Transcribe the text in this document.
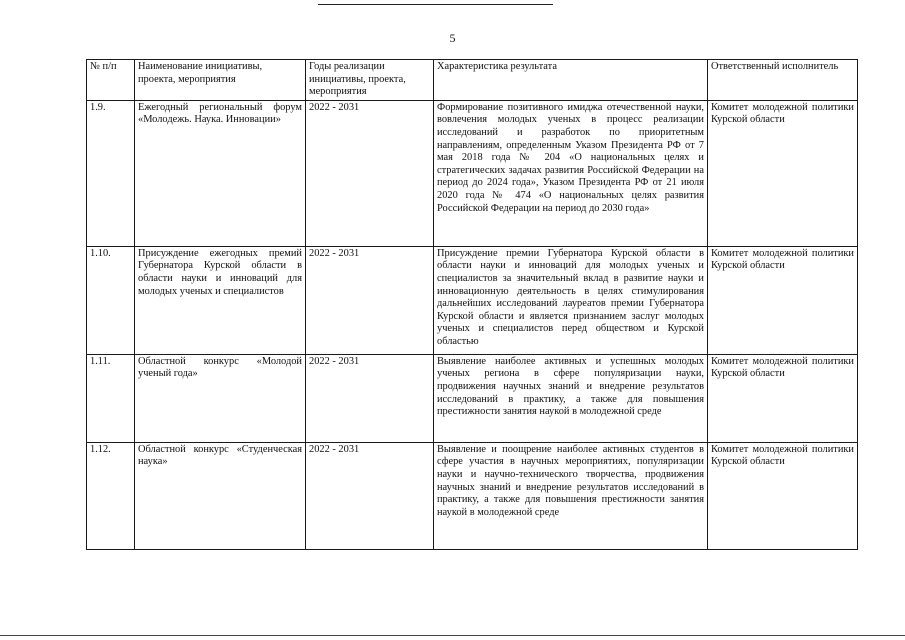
5
№ п/п	Наименование инициативы, проекта, мероприятия	Годы реализации инициативы, проекта, мероприятия	Характеристика результата	Ответственный исполнитель
1.9.	Ежегодный региональный форум «Молодежь. Наука. Инновации»	2022 - 2031	Формирование позитивного имиджа отечественной науки, вовлечения молодых ученых в процесс реализации исследований и разработок по приоритетным направлениям, определенным Указом Президента РФ от 7 мая 2018 года № 204 «О национальных целях и стратегических задачах развития Российской Федерации на период до 2024 года», Указом Президента РФ от 21 июля 2020 года № 474 «О национальных целях развития Российской Федерации на период до 2030 года»	Комитет молодежной политики Курской области
1.10.	Присуждение ежегодных премий Губернатора Курской области в области науки и инноваций для молодых ученых и специалистов	2022 - 2031	Присуждение премии Губернатора Курской области в области науки и инноваций для молодых ученых и специалистов за значительный вклад в развитие науки и инновационную деятельность в целях стимулирования дальнейших исследований лауреатов премии Губернатора Курской области и является признанием заслуг молодых ученых и специалистов перед обществом и Курской областью	Комитет молодежной политики Курской области
1.11.	Областной конкурс «Молодой ученый года»	2022 - 2031	Выявление наиболее активных и успешных молодых ученых региона в сфере популяризации науки, продвижения научных знаний и внедрение результатов исследований в практику, а также для повышения престижности занятия наукой в молодежной среде	Комитет молодежной политики Курской области
1.12.	Областной конкурс «Студенческая наука»	2022 - 2031	Выявление и поощрение наиболее активных студентов в сфере участия в научных мероприятиях, популяризации науки и научно-технического творчества, продвижения научных знаний и внедрение результатов исследований в практику, а также для повышения престижности занятия наукой в молодежной среде	Комитет молодежной политики Курской области
